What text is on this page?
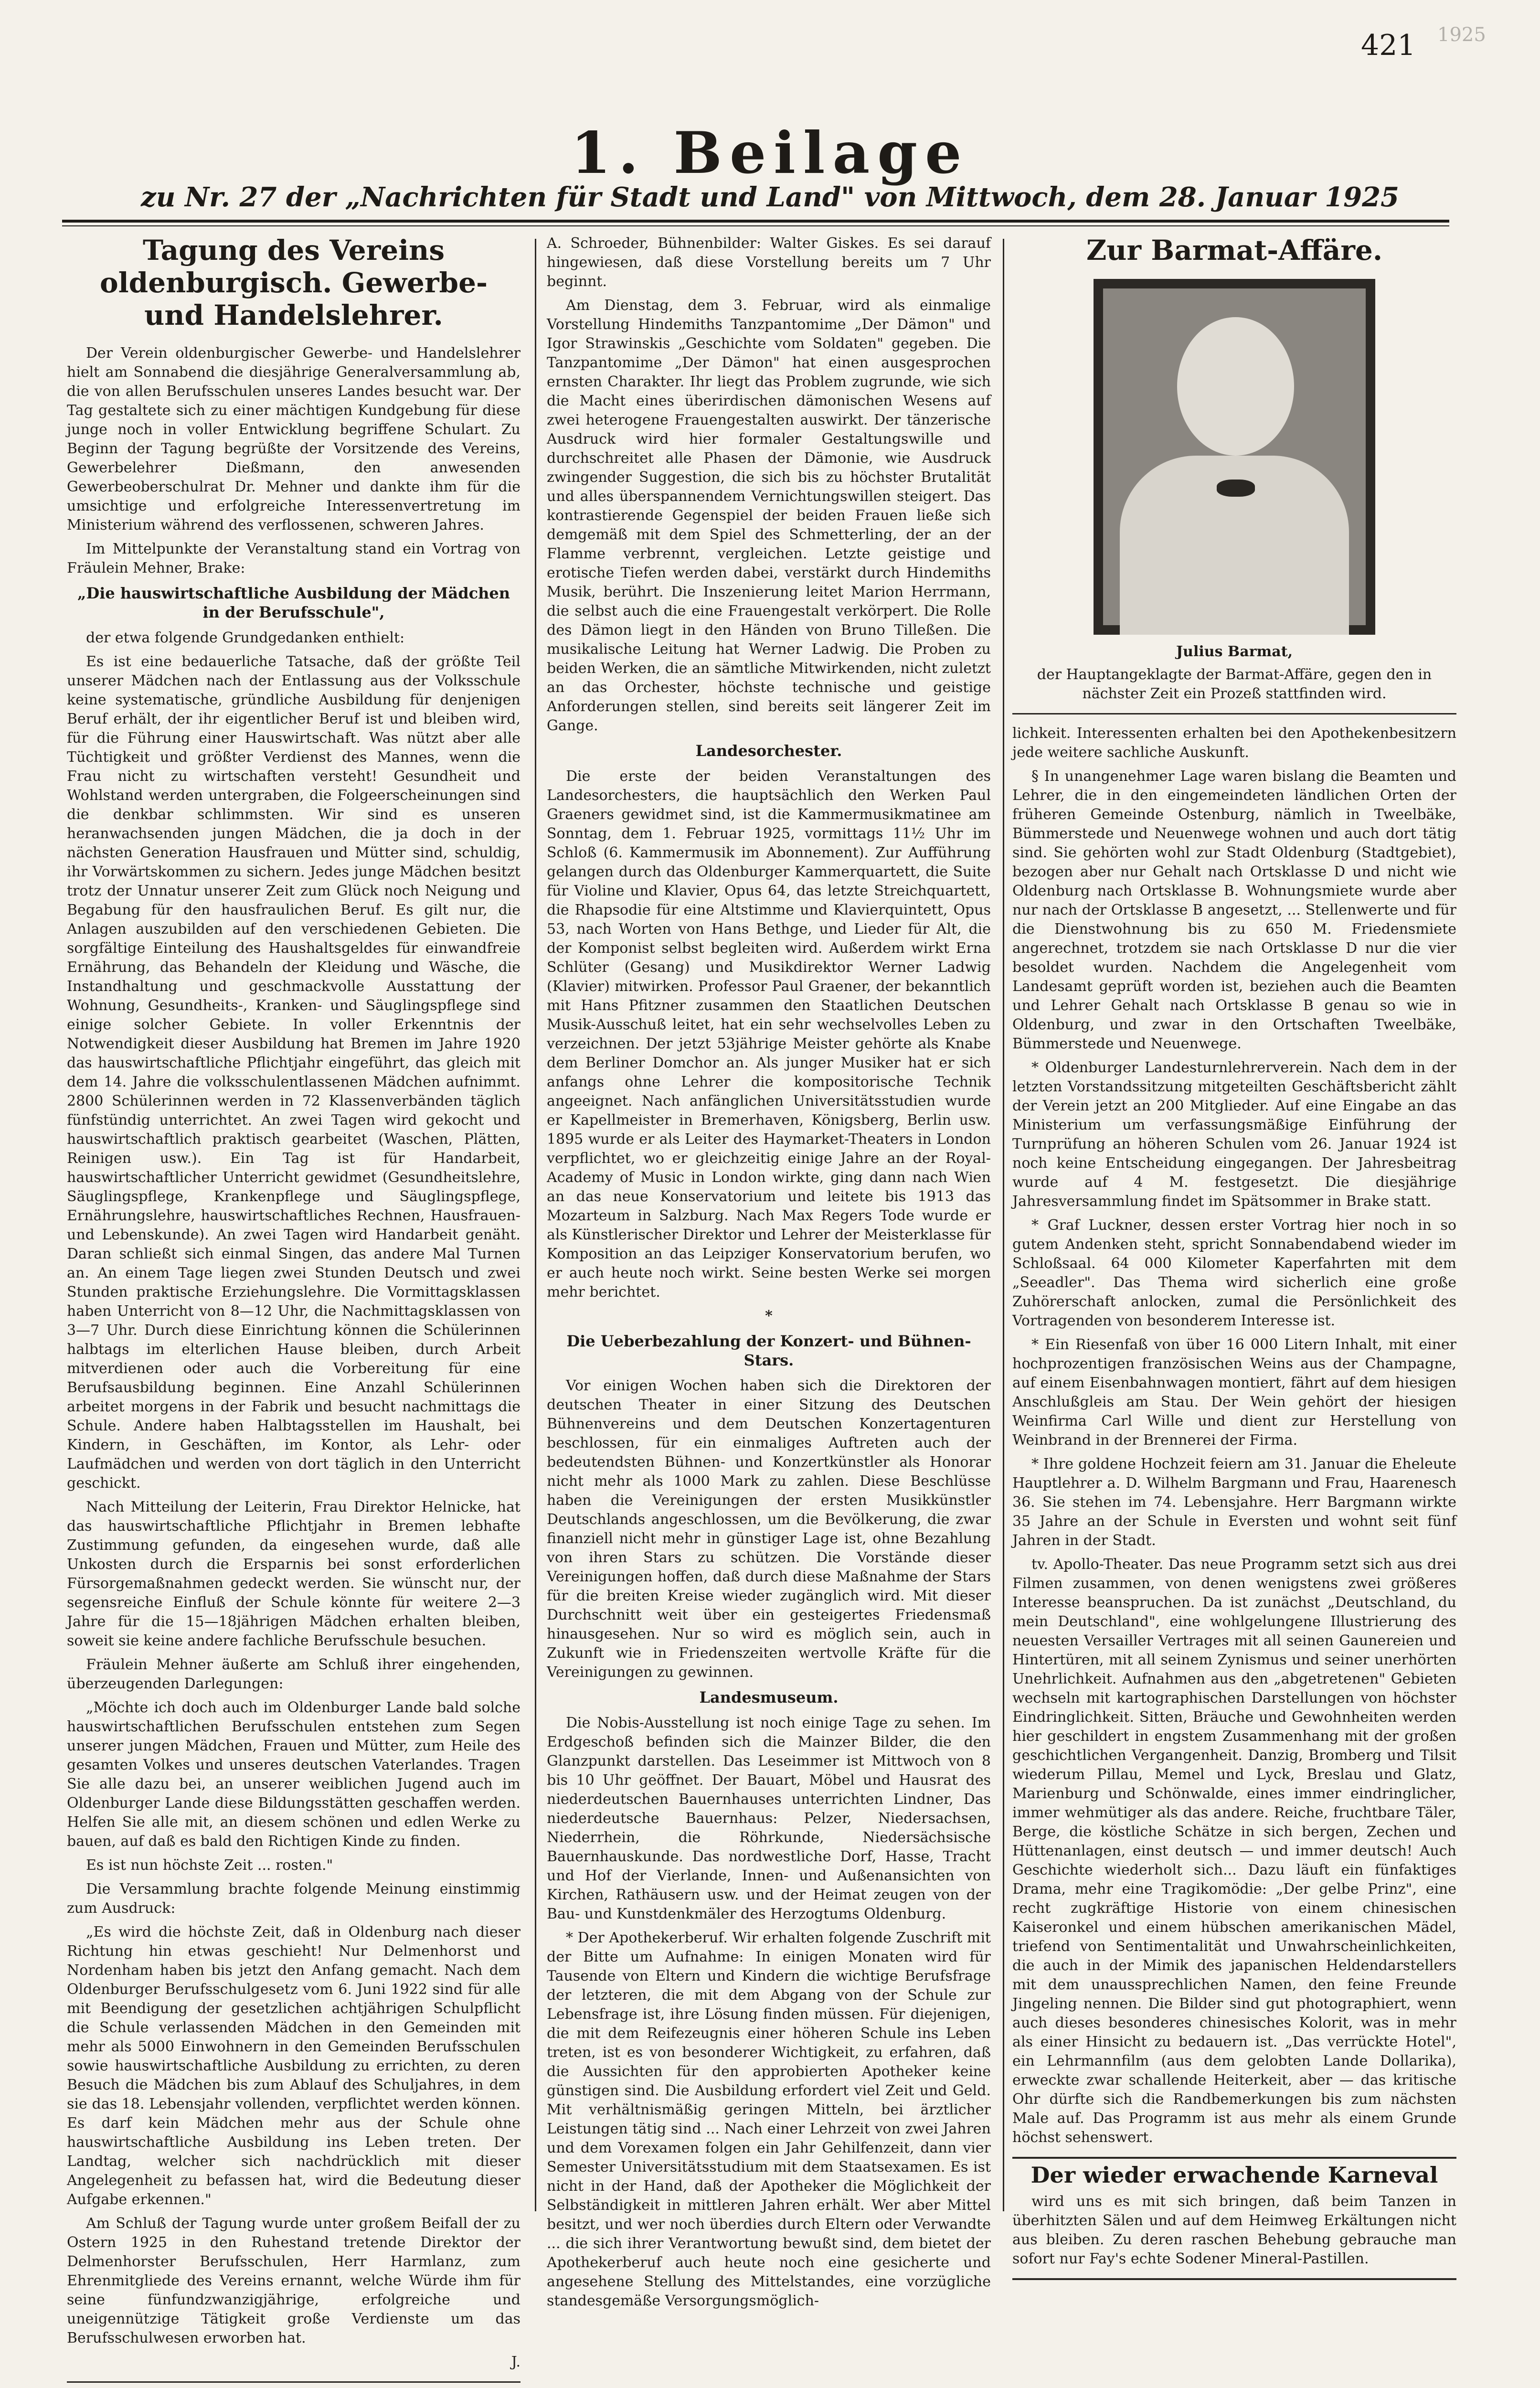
421 1925
1. Beilage
zu Nr. 27 der „Nachrichten für Stadt und Land" von Mittwoch, dem 28. Januar 1925
Tagung des Vereins oldenburgisch. Gewerbe- und Handelslehrer.

Der Verein oldenburgischer Gewerbe- und Handelslehrer hielt am Sonnabend die diesjährige Generalversammlung ab, die von allen Berufsschulen unseres Landes besucht war. Der Tag gestaltete sich zu einer mächtigen Kundgebung für diese junge noch in voller Entwicklung begriffene Schulart. Zu Beginn der Tagung begrüßte der Vorsitzende des Vereins, Gewerbelehrer Dießmann, den anwesenden Gewerbeoberschulrat Dr. Mehner und dankte ihm für die umsichtige und erfolgreiche Interessenvertretung im Ministerium während des verflossenen, schweren Jahres.

Im Mittelpunkte der Veranstaltung stand ein Vortrag von Fräulein Mehner, Brake:

„Die hauswirtschaftliche Ausbildung der Mädchen in der Berufsschule",

der etwa folgende Grundgedanken enthielt:

Es ist eine bedauerliche Tatsache, daß der größte Teil unserer Mädchen nach der Entlassung aus der Volksschule keine systematische, gründliche Ausbildung für denjenigen Beruf erhält, der ihr eigentlicher Beruf ist und bleiben wird, für die Führung einer Hauswirtschaft. Was nützt aber alle Tüchtigkeit und größter Verdienst des Mannes, wenn die Frau nicht zu wirtschaften versteht! Gesundheit und Wohlstand werden untergraben, die Folgeerscheinungen sind die denkbar schlimmsten. Wir sind es unseren heranwachsenden jungen Mädchen, die ja doch in der nächsten Generation Hausfrauen und Mütter sind, schuldig, ihr Vorwärtskommen zu sichern. Jedes junge Mädchen besitzt trotz der Unnatur unserer Zeit zum Glück noch Neigung und Begabung für den hausfraulichen Beruf. Es gilt nur, die Anlagen auszubilden auf den verschiedenen Gebieten. Die sorgfältige Einteilung des Haushaltsgeldes für einwandfreie Ernährung, das Behandeln der Kleidung und Wäsche, die Instandhaltung und geschmackvolle Ausstattung der Wohnung, Gesundheits-, Kranken- und Säuglingspflege sind einige solcher Gebiete. In voller Erkenntnis der Notwendigkeit dieser Ausbildung hat Bremen im Jahre 1920 das hauswirtschaftliche Pflichtjahr eingeführt, das gleich mit dem 14. Jahre die volksschulentlassenen Mädchen aufnimmt. 2800 Schülerinnen werden in 72 Klassenverbänden täglich fünfstündig unterrichtet. An zwei Tagen wird gekocht und hauswirtschaftlich praktisch gearbeitet (Waschen, Plätten, Reinigen usw.). Ein Tag ist für Handarbeit, hauswirtschaftlicher Unterricht gewidmet (Gesundheitslehre, Säuglingspflege, Krankenpflege und Säuglingspflege, Ernährungslehre, hauswirtschaftliches Rechnen, Hausfrauen- und Lebenskunde). An zwei Tagen wird Handarbeit genäht. Daran schließt sich einmal Singen, das andere Mal Turnen an. An einem Tage liegen zwei Stunden Deutsch und zwei Stunden praktische Erziehungslehre. Die Vormittagsklassen haben Unterricht von 8—12 Uhr, die Nachmittagsklassen von 3—7 Uhr. Durch diese Einrichtung können die Schülerinnen halbtags im elterlichen Hause bleiben, durch Arbeit mitverdienen oder auch die Vorbereitung für eine Berufsausbildung beginnen. Eine Anzahl Schülerinnen arbeitet morgens in der Fabrik und besucht nachmittags die Schule. Andere haben Halbtagsstellen im Haushalt, bei Kindern, in Geschäften, im Kontor, als Lehr- oder Laufmädchen und werden von dort täglich in den Unterricht geschickt.

Nach Mitteilung der Leiterin, Frau Direktor Helnicke, hat das hauswirtschaftliche Pflichtjahr in Bremen lebhafte Zustimmung gefunden, da eingesehen wurde, daß alle Unkosten durch die Ersparnis bei sonst erforderlichen Fürsorgemaßnahmen gedeckt werden. Sie wünscht nur, der segensreiche Einfluß der Schule könnte für weitere 2—3 Jahre für die 15—18jährigen Mädchen erhalten bleiben, soweit sie keine andere fachliche Berufsschule besuchen.

Fräulein Mehner äußerte am Schluß ihrer eingehenden, überzeugenden Darlegungen:

„Möchte ich doch auch im Oldenburger Lande bald solche hauswirtschaftlichen Berufsschulen entstehen zum Segen unserer jungen Mädchen, Frauen und Mütter, zum Heile des gesamten Volkes und unseres deutschen Vaterlandes. Tragen Sie alle dazu bei, an unserer weiblichen Jugend auch im Oldenburger Lande diese Bildungsstätten geschaffen werden. Helfen Sie alle mit, an diesem schönen und edlen Werke zu bauen, auf daß es bald den Richtigen Kinde zu finden.

Es ist nun höchste Zeit ... rosten."

Die Versammlung brachte folgende Meinung einstimmig zum Ausdruck:

„Es wird die höchste Zeit, daß in Oldenburg nach dieser Richtung hin etwas geschieht! Nur Delmenhorst und Nordenham haben bis jetzt den Anfang gemacht. Nach dem Oldenburger Berufsschulgesetz vom 6. Juni 1922 sind für alle mit Beendigung der gesetzlichen achtjährigen Schulpflicht die Schule verlassenden Mädchen in den Gemeinden mit mehr als 5000 Einwohnern in den Gemeinden Berufsschulen sowie hauswirtschaftliche Ausbildung zu errichten, zu deren Besuch die Mädchen bis zum Ablauf des Schuljahres, in dem sie das 18. Lebensjahr vollenden, verpflichtet werden können. Es darf kein Mädchen mehr aus der Schule ohne hauswirtschaftliche Ausbildung ins Leben treten. Der Landtag, welcher sich nachdrücklich mit dieser Angelegenheit zu befassen hat, wird die Bedeutung dieser Aufgabe erkennen."

Am Schluß der Tagung wurde unter großem Beifall der zu Ostern 1925 in den Ruhestand tretende Direktor der Delmenhorster Berufsschulen, Herr Harmlanz, zum Ehrenmitgliede des Vereins ernannt, welche Würde ihm für seine fünfundzwanzigjährige, erfolgreiche und uneigennützige Tätigkeit große Verdienste um das Berufsschulwesen erworben hat.

J.

A. Schroeder, Bühnenbilder: Walter Giskes. Es sei darauf hingewiesen, daß diese Vorstellung bereits um 7 Uhr beginnt.

Am Dienstag, dem 3. Februar, wird als einmalige Vorstellung Hindemiths Tanzpantomime „Der Dämon" und Igor Strawinskis „Geschichte vom Soldaten" gegeben. Die Tanzpantomime „Der Dämon" hat einen ausgesprochen ernsten Charakter. Ihr liegt das Problem zugrunde, wie sich die Macht eines überirdischen dämonischen Wesens auf zwei heterogene Frauengestalten auswirkt. Der tänzerische Ausdruck wird hier formaler Gestaltungswille und durchschreitet alle Phasen der Dämonie, wie Ausdruck zwingender Suggestion, die sich bis zu höchster Brutalität und alles überspannendem Vernichtungswillen steigert. Das kontrastierende Gegenspiel der beiden Frauen ließe sich demgemäß mit dem Spiel des Schmetterling, der an der Flamme verbrennt, vergleichen. Letzte geistige und erotische Tiefen werden dabei, verstärkt durch Hindemiths Musik, berührt. Die Inszenierung leitet Marion Herrmann, die selbst auch die eine Frauengestalt verkörpert. Die Rolle des Dämon liegt in den Händen von Bruno Tilleßen. Die musikalische Leitung hat Werner Ladwig. Die Proben zu beiden Werken, die an sämtliche Mitwirkenden, nicht zuletzt an das Orchester, höchste technische und geistige Anforderungen stellen, sind bereits seit längerer Zeit im Gange.

Landesorchester.

Die erste der beiden Veranstaltungen des Landesorchesters, die hauptsächlich den Werken Paul Graeners gewidmet sind, ist die Kammermusikmatinee am Sonntag, dem 1. Februar 1925, vormittags 11½ Uhr im Schloß (6. Kammermusik im Abonnement). Zur Aufführung gelangen durch das Oldenburger Kammerquartett, die Suite für Violine und Klavier, Opus 64, das letzte Streichquartett, die Rhapsodie für eine Altstimme und Klavierquintett, Opus 53, nach Worten von Hans Bethge, und Lieder für Alt, die der Komponist selbst begleiten wird. Außerdem wirkt Erna Schlüter (Gesang) und Musikdirektor Werner Ladwig (Klavier) mitwirken. Professor Paul Graener, der bekanntlich mit Hans Pfitzner zusammen den Staatlichen Deutschen Musik-Ausschuß leitet, hat ein sehr wechselvolles Leben zu verzeichnen. Der jetzt 53jährige Meister gehörte als Knabe dem Berliner Domchor an. Als junger Musiker hat er sich anfangs ohne Lehrer die kompositorische Technik angeeignet. Nach anfänglichen Universitätsstudien wurde er Kapellmeister in Bremerhaven, Königsberg, Berlin usw. 1895 wurde er als Leiter des Haymarket-Theaters in London verpflichtet, wo er gleichzeitig einige Jahre an der Royal-Academy of Music in London wirkte, ging dann nach Wien an das neue Konservatorium und leitete bis 1913 das Mozarteum in Salzburg. Nach Max Regers Tode wurde er als Künstlerischer Direktor und Lehrer der Meisterklasse für Komposition an das Leipziger Konservatorium berufen, wo er auch heute noch wirkt. Seine besten Werke sei morgen mehr berichtet.

*
Die Ueberbezahlung der Konzert- und Bühnen-Stars.

Vor einigen Wochen haben sich die Direktoren der deutschen Theater in einer Sitzung des Deutschen Bühnenvereins und dem Deutschen Konzertagenturen beschlossen, für ein einmaliges Auftreten auch der bedeutendsten Bühnen- und Konzertkünstler als Honorar nicht mehr als 1000 Mark zu zahlen. Diese Beschlüsse haben die Vereinigungen der ersten Musikkünstler Deutschlands angeschlossen, um die Bevölkerung, die zwar finanziell nicht mehr in günstiger Lage ist, ohne Bezahlung von ihren Stars zu schützen. Die Vorstände dieser Vereinigungen hoffen, daß durch diese Maßnahme der Stars für die breiten Kreise wieder zugänglich wird. Mit dieser Durchschnitt weit über ein gesteigertes Friedensmaß hinausgesehen. Nur so wird es möglich sein, auch in Zukunft wie in Friedenszeiten wertvolle Kräfte für die Vereinigungen zu gewinnen.

Landesmuseum.

Die Nobis-Ausstellung ist noch einige Tage zu sehen. Im Erdgeschoß befinden sich die Mainzer Bilder, die den Glanzpunkt darstellen. Das Leseimmer ist Mittwoch von 8 bis 10 Uhr geöffnet. Der Bauart, Möbel und Hausrat des niederdeutschen Bauernhauses unterrichten Lindner, Das niederdeutsche Bauernhaus: Pelzer, Niedersachsen, Niederrhein, die Röhrkunde, Niedersächsische Bauernhauskunde. Das nordwestliche Dorf, Hasse, Tracht und Hof der Vierlande, Innen- und Außenansichten von Kirchen, Rathäusern usw. und der Heimat zeugen von der Bau- und Kunstdenkmäler des Herzogtums Oldenburg.

* Der Apothekerberuf. Wir erhalten folgende Zuschrift mit der Bitte um Aufnahme: In einigen Monaten wird für Tausende von Eltern und Kindern die wichtige Berufsfrage der letzteren, die mit dem Abgang von der Schule zur Lebensfrage ist, ihre Lösung finden müssen. Für diejenigen, die mit dem Reifezeugnis einer höheren Schule ins Leben treten, ist es von besonderer Wichtigkeit, zu erfahren, daß die Aussichten für den approbierten Apotheker keine günstigen sind. Die Ausbildung erfordert viel Zeit und Geld. Mit verhältnismäßig geringen Mitteln, bei ärztlicher Leistungen tätig sind ... Nach einer Lehrzeit von zwei Jahren und dem Vorexamen folgen ein Jahr Gehilfenzeit, dann vier Semester Universitätsstudium mit dem Staatsexamen. Es ist nicht in der Hand, daß der Apotheker die Möglichkeit der Selbständigkeit in mittleren Jahren erhält. Wer aber Mittel besitzt, und wer noch überdies durch Eltern oder Verwandte ... die sich ihrer Verantwortung bewußt sind, dem bietet der Apothekerberuf auch heute noch eine gesicherte und angesehene Stellung des Mittelstandes, eine vorzügliche standesgemäße Versorgungsmöglich-

Zur Barmat-Affäre.
Julius Barmat,
der Hauptangeklagte der Barmat-Affäre, gegen den in nächster Zeit ein Prozeß stattfinden wird.

lichkeit. Interessenten erhalten bei den Apothekenbesitzern jede weitere sachliche Auskunft.

§ In unangenehmer Lage waren bislang die Beamten und Lehrer, die in den eingemeindeten ländlichen Orten der früheren Gemeinde Ostenburg, nämlich in Tweelbäke, Bümmerstede und Neuenwege wohnen und auch dort tätig sind. Sie gehörten wohl zur Stadt Oldenburg (Stadtgebiet), bezogen aber nur Gehalt nach Ortsklasse D und nicht wie Oldenburg nach Ortsklasse B. Wohnungsmiete wurde aber nur nach der Ortsklasse B angesetzt, ... Stellenwerte und für die Dienstwohnung bis zu 650 M. Friedensmiete angerechnet, trotzdem sie nach Ortsklasse D nur die vier besoldet wurden. Nachdem die Angelegenheit vom Landesamt geprüft worden ist, beziehen auch die Beamten und Lehrer Gehalt nach Ortsklasse B genau so wie in Oldenburg, und zwar in den Ortschaften Tweelbäke, Bümmerstede und Neuenwege.

* Oldenburger Landesturnlehrerverein. Nach dem in der letzten Vorstandssitzung mitgeteilten Geschäftsbericht zählt der Verein jetzt an 200 Mitglieder. Auf eine Eingabe an das Ministerium um verfassungsmäßige Einführung der Turnprüfung an höheren Schulen vom 26. Januar 1924 ist noch keine Entscheidung eingegangen. Der Jahresbeitrag wurde auf 4 M. festgesetzt. Die diesjährige Jahresversammlung findet im Spätsommer in Brake statt.

* Graf Luckner, dessen erster Vortrag hier noch in so gutem Andenken steht, spricht Sonnabendabend wieder im Schloßsaal. 64 000 Kilometer Kaperfahrten mit dem „Seeadler". Das Thema wird sicherlich eine große Zuhörerschaft anlocken, zumal die Persönlichkeit des Vortragenden von besonderem Interesse ist.

* Ein Riesenfaß von über 16 000 Litern Inhalt, mit einer hochprozentigen französischen Weins aus der Champagne, auf einem Eisenbahnwagen montiert, fährt auf dem hiesigen Anschlußgleis am Stau. Der Wein gehört der hiesigen Weinfirma Carl Wille und dient zur Herstellung von Weinbrand in der Brennerei der Firma.

* Ihre goldene Hochzeit feiern am 31. Januar die Eheleute Hauptlehrer a. D. Wilhelm Bargmann und Frau, Haarenesch 36. Sie stehen im 74. Lebensjahre. Herr Bargmann wirkte 35 Jahre an der Schule in Eversten und wohnt seit fünf Jahren in der Stadt.

tv. Apollo-Theater. Das neue Programm setzt sich aus drei Filmen zusammen, von denen wenigstens zwei größeres Interesse beanspruchen. Da ist zunächst „Deutschland, du mein Deutschland", eine wohlgelungene Illustrierung des neuesten Versailler Vertrages mit all seinen Gaunereien und Hintertüren, mit all seinem Zynismus und seiner unerhörten Unehrlichkeit. Aufnahmen aus den „abgetretenen" Gebieten wechseln mit kartographischen Darstellungen von höchster Eindringlichkeit. Sitten, Bräuche und Gewohnheiten werden hier geschildert in engstem Zusammenhang mit der großen geschichtlichen Vergangenheit. Danzig, Bromberg und Tilsit wiederum Pillau, Memel und Lyck, Breslau und Glatz, Marienburg und Schönwalde, eines immer eindringlicher, immer wehmütiger als das andere. Reiche, fruchtbare Täler, Berge, die köstliche Schätze in sich bergen, Zechen und Hüttenanlagen, einst deutsch — und immer deutsch! Auch Geschichte wiederholt sich... Dazu läuft ein fünfaktiges Drama, mehr eine Tragikomödie: „Der gelbe Prinz", eine recht zugkräftige Historie von einem chinesischen Kaiseronkel und einem hübschen amerikanischen Mädel, triefend von Sentimentalität und Unwahrscheinlichkeiten, die auch in der Mimik des japanischen Heldendarstellers mit dem unaussprechlichen Namen, den feine Freunde Jingeling nennen. Die Bilder sind gut photographiert, wenn auch dieses besonderes chinesisches Kolorit, was in mehr als einer Hinsicht zu bedauern ist. „Das verrückte Hotel", ein Lehrmannfilm (aus dem gelobten Lande Dollarika), erweckte zwar schallende Heiterkeit, aber — das kritische Ohr dürfte sich die Randbemerkungen bis zum nächsten Male auf. Das Programm ist aus mehr als einem Grunde höchst sehenswert.

Der wieder erwachende Karneval

wird uns es mit sich bringen, daß beim Tanzen in überhitzten Sälen und auf dem Heimweg Erkältungen nicht aus bleiben. Zu deren raschen Behebung gebrauche man sofort nur Fay's echte Sodener Mineral-Pastillen.
